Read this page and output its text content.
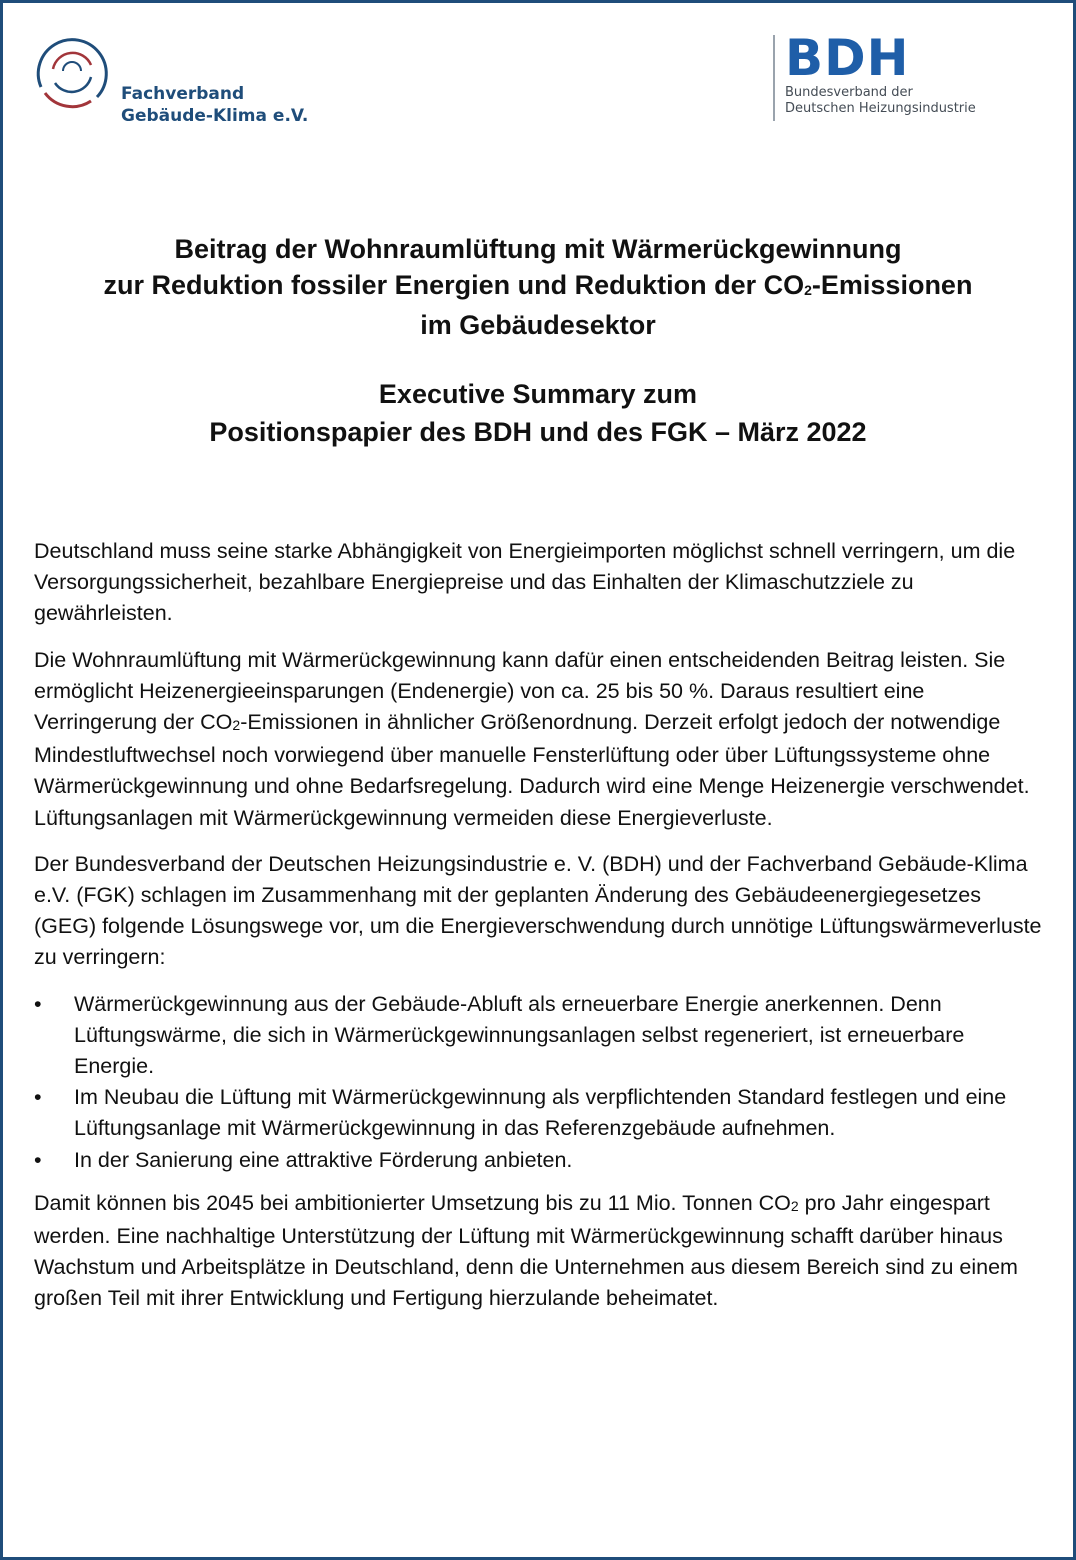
Fachverband
Gebäude-Klima e.V.
BDH
Bundesverband der
Deutschen Heizungsindustrie
Beitrag der Wohnraumlüftung mit Wärmerückgewinnung
zur Reduktion fossiler Energien und Reduktion der $CO_2$-Emissionen
im Gebäudesektor
Executive Summary zum
Positionspapier des BDH und des FGK – März 2022

Deutschland muss seine starke Abhängigkeit von Energieimporten möglichst schnell verringern, um die Versorgungssicherheit, bezahlbare Energiepreise und das Einhalten der Klimaschutzziele zu gewährleisten.

Die Wohnraumlüftung mit Wärmerückgewinnung kann dafür einen entscheidenden Beitrag leisten. Sie ermöglicht Heizenergieeinsparungen (Endenergie) von ca. 25 bis 50 %. Daraus resultiert eine Verringerung der $CO_2$-Emissionen in ähnlicher Größenordnung. Derzeit erfolgt jedoch der notwendige Mindestluftwechsel noch vorwiegend über manuelle Fensterlüftung oder über Lüftungssysteme ohne Wärmerückgewinnung und ohne Bedarfsregelung. Dadurch wird eine Menge Heizenergie verschwendet. Lüftungsanlagen mit Wärmerückgewinnung vermeiden diese Energieverluste.

Der Bundesverband der Deutschen Heizungsindustrie e. V. (BDH) und der Fachverband Gebäude-Klima e.V. (FGK) schlagen im Zusammenhang mit der geplanten Änderung des Gebäudeenergiegesetzes (GEG) folgende Lösungswege vor, um die Energieverschwendung durch unnötige Lüftungswärmeverluste zu verringern:

• Wärmerückgewinnung aus der Gebäude-Abluft als erneuerbare Energie anerkennen. Denn Lüftungswärme, die sich in Wärmerückgewinnungsanlagen selbst regeneriert, ist erneuerbare Energie.
• Im Neubau die Lüftung mit Wärmerückgewinnung als verpflichtenden Standard festlegen und eine Lüftungsanlage mit Wärmerückgewinnung in das Referenzgebäude aufnehmen.
• In der Sanierung eine attraktive Förderung anbieten.

Damit können bis 2045 bei ambitionierter Umsetzung bis zu 11 Mio. Tonnen $CO_2$ pro Jahr eingespart werden. Eine nachhaltige Unterstützung der Lüftung mit Wärmerückgewinnung schafft darüber hinaus Wachstum und Arbeitsplätze in Deutschland, denn die Unternehmen aus diesem Bereich sind zu einem großen Teil mit ihrer Entwicklung und Fertigung hierzulande beheimatet.
